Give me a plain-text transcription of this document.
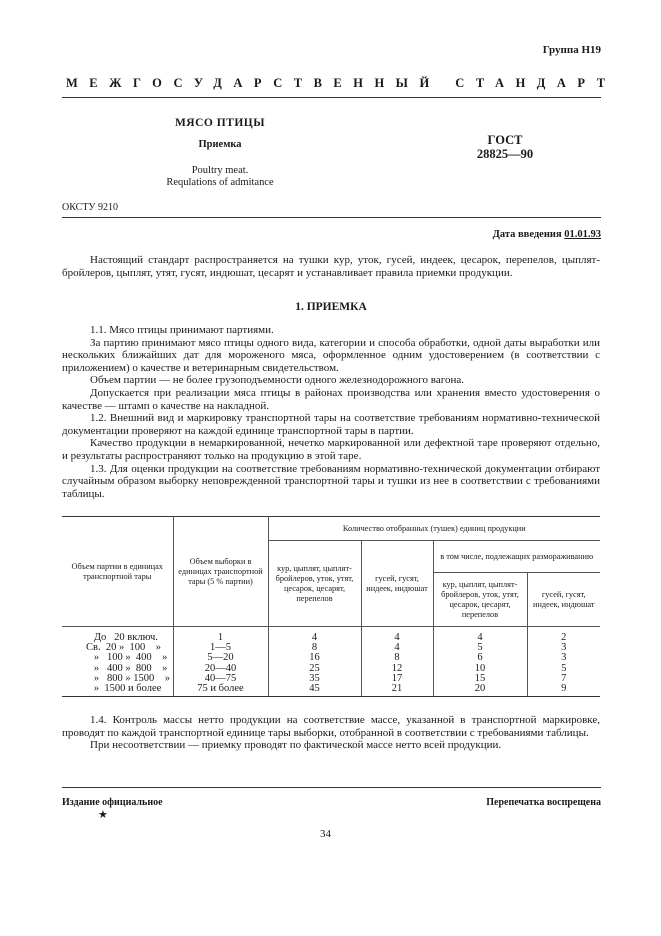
Группа Н19
МЕЖГОСУДАРСТВЕННЫЙ СТАНДАРТ
МЯСО ПТИЦЫ
Приемка
Poultry meat.
Requlations of admitance
ГОСТ
28825—90
ОКСТУ 9210
Дата введения 01.01.93

Настоящий стандарт распространяется на тушки кур, уток, гусей, индеек, цесарок, перепелов, цыплят-бройлеров, цыплят, утят, гусят, индюшат, цесарят и устанавливает правила приемки продукции.

1. ПРИЕМКА

1.1. Мясо птицы принимают партиями.

За партию принимают мясо птицы одного вида, категории и способа обработки, одной даты выработки или нескольких ближайших дат для мороженого мяса, оформленное одним удостоверением (в соответствии с приложением) о качестве и ветеринарным свидетельством.

Объем партии — не более грузоподъемности одного железнодорожного вагона.

Допускается при реализации мяса птицы в районах производства или хранения вместо удостоверения о качестве — штамп о качестве на накладной.

1.2. Внешний вид и маркировку транспортной тары на соответствие требованиям нормативно-технической документации проверяют на каждой единице транспортной тары в партии.

Качество продукции в немаркированной, нечетко маркированной или дефектной таре проверяют отдельно, и результаты распространяют только на продукцию в этой таре.

1.3. Для оценки продукции на соответствие требованиям нормативно-технической документации отбирают случайным образом выборку неповрежденной транспортной тары и тушки из нее в соответствии с требованиями таблицы.

Объем партии в единицах транспортной тары	Объем выборки в единицах транспортной тары (5 % партии)	Количество отобранных (тушек) единиц продукции			
		кур, цыплят, цыплят-бройлеров, уток, утят, цесарок, цесарят, перепелов	гусей, гусят, индеек, индюшат	в том числе, подлежащих размораживанию	
				кур, цыплят, цыплят-бройлеров, уток, утят, цесарок, цесарят, перепелов	гусей, гусят, индеек, индюшат
До   20 включ.	1	4	4	4	2
Св.  20 »  100    »	1—5	8	4	5	3
»   100 »  400    »	5—20	16	8	6	3
»   400 »  800    »	20—40	25	12	10	5
»   800 » 1500    »	40—75	35	17	15	7
»  1500 и более	75 и более	45	21	20	9

1.4. Контроль массы нетто продукции на соответствие массе, указанной в транспортной маркировке, проводят по каждой транспортной единице тары выборки, отобранной в соответствии с требованиями таблицы.

При несоответствии — приемку проводят по фактической массе нетто всей продукции.

Издание официальное	Перепечатка воспрещена
★
34
